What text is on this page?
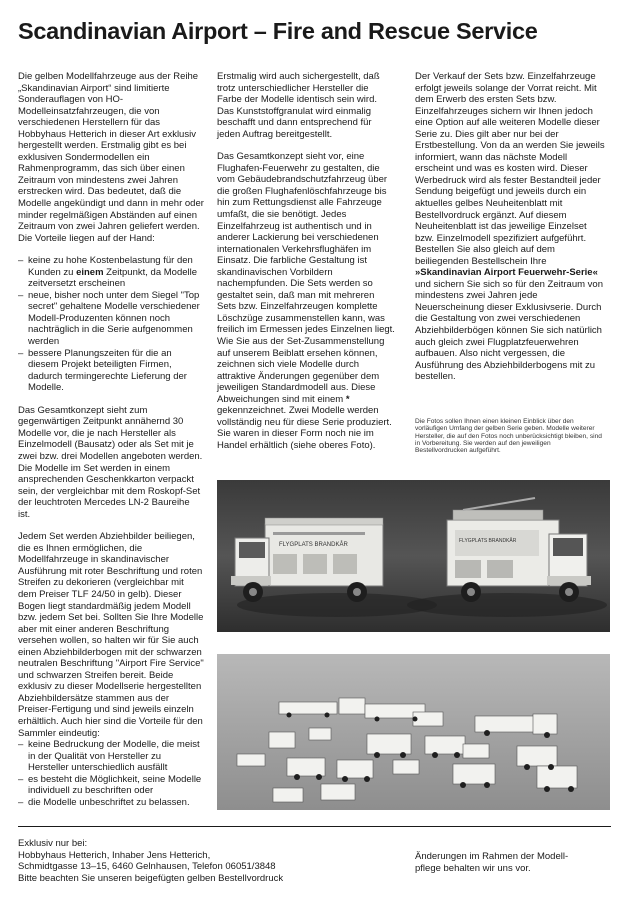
Scandinavian Airport – Fire and Rescue Service

Die gelben Modellfahrzeuge aus der Reihe „Skandinavian Airport“ sind limitierte Sonderauflagen von HO-Modelleinsatzfahrzeugen, die von verschiedenen Herstellern für das Hobbyhaus Hetterich in dieser Art exklusiv hergestellt werden. Erstmalig gibt es bei exklusiven Sondermodellen ein Rahmenprogramm, das sich über einen Zeitraum von mindestens zwei Jahren erstrecken wird. Das bedeutet, daß die Modelle angekündigt und dann in mehr oder minder regelmäßigen Abständen auf einen Zeitraum von zwei Jahren geliefert werden. Die Vorteile liegen auf der Hand:

– keine zu hohe Kostenbelastung für den Kunden zu einem Zeitpunkt, da Modelle zeitversetzt erscheinen
– neue, bisher noch unter dem Siegel "Top secret" gehaltene Modelle verschiedener Modell-Produzenten können noch nachträglich in die Serie aufgenommen werden
– bessere Planungszeiten für die an diesem Projekt beteiligten Firmen, dadurch termingerechte Lieferung der Modelle.

Das Gesamtkonzept sieht zum gegenwärtigen Zeitpunkt annähernd 30 Modelle vor, die je nach Hersteller als Einzelmodell (Bausatz) oder als Set mit je zwei bzw. drei Modellen angeboten werden. Die Modelle im Set werden in einem ansprechenden Geschenkkarton verpackt sein, der vergleichbar mit dem Roskopf-Set der leuchtroten Mercedes LN-2 Baureihe ist.

Jedem Set werden Abziehbilder beiliegen, die es Ihnen ermöglichen, die Modellfahrzeuge in skandinavischer Ausführung mit roter Beschriftung und roten Streifen zu dekorieren (vergleichbar mit dem Preiser TLF 24/50 in gelb). Dieser Bogen liegt standardmäßig jedem Modell bzw. jedem Set bei. Sollten Sie Ihre Modelle aber mit einer anderen Beschriftung versehen wollen, so halten wir für Sie auch einen Abziehbilderbogen mit der schwarzen neutralen Beschriftung "Airport Fire Service" und schwarzen Streifen bereit. Beide exklusiv zu dieser Modellserie hergestellten Abziehbildersätze stammen aus der Preiser-Fertigung und sind jeweils einzeln erhältlich. Auch hier sind die Vorteile für den Sammler eindeutig:

– keine Bedruckung der Modelle, die meist in der Qualität von Hersteller zu Hersteller unterschiedlich ausfällt
– es besteht die Möglichkeit, seine Modelle individuell zu beschriften oder
– die Modelle unbeschriftet zu belassen.

Erstmalig wird auch sichergestellt, daß trotz unterschiedlicher Hersteller die Farbe der Modelle identisch sein wird. Das Kunststoffgranulat wird einmalig beschafft und dann entsprechend für jeden Auftrag bereitgestellt.

Das Gesamtkonzept sieht vor, eine Flughafen-Feuerwehr zu gestalten, die vom Gebäudebrandschutzfahrzeug über die großen Flughafenlöschfahrzeuge bis hin zum Rettungsdienst alle Fahrzeuge umfaßt, die sie benötigt. Jedes Einzelfahrzeug ist authentisch und in anderer Lackierung bei verschiedenen internationalen Verkehrsflughäfen im Einsatz. Die farbliche Gestaltung ist skandinavischen Vorbildern nachempfunden. Die Sets werden so gestaltet sein, daß man mit mehreren Sets bzw. Einzelfahrzeugen komplette Löschzüge zusammenstellen kann, was freilich im Ermessen jedes Einzelnen liegt. Wie Sie aus der Set-Zusammenstellung auf unserem Beiblatt ersehen können, zeichnen sich viele Modelle durch attraktive Änderungen gegenüber dem jeweiligen Standardmodell aus. Diese Abweichungen sind mit einem * gekennzeichnet. Zwei Modelle werden vollständig neu für diese Serie produziert. Sie waren in dieser Form noch nie im Handel erhältlich (siehe oberes Foto).

Der Verkauf der Sets bzw. Einzelfahrzeuge erfolgt jeweils solange der Vorrat reicht. Mit dem Erwerb des ersten Sets bzw. Einzelfahrzeuges sichern wir Ihnen jedoch eine Option auf alle weiteren Modelle dieser Serie zu. Dies gilt aber nur bei der Erstbestellung. Von da an werden Sie jeweils informiert, wann das nächste Modell erscheint und was es kosten wird. Dieser Werbedruck wird als fester Bestandteil jeder Sendung beigefügt und jeweils durch ein aktuelles gelbes Neuheitenblatt mit Bestellvordruck ergänzt. Auf diesem Neuheitenblatt ist das jeweilige Einzelset bzw. Einzelmodell spezifiziert aufgeführt. Bestellen Sie also gleich auf dem beiliegenden Bestellschein Ihre »Skandinavian Airport Feuerwehr-Serie« und sichern Sie sich so für den Zeitraum von mindestens zwei Jahren jede Neuerscheinung dieser Exklusivserie. Durch die Gestaltung von zwei verschiedenen Abziehbilderbögen können Sie sich natürlich auch gleich zwei Flugplatzfeuerwehren aufbauen. Also nicht vergessen, die Ausführung des Abziehbilderbogens mit zu bestellen.

Die Fotos sollen Ihnen einen kleinen Einblick über den vorläufigen Umfang der gelben Serie geben. Modelle weiterer Hersteller, die auf den Fotos noch unberücksichtigt bleiben, sind in Vorbereitung. Sie werden auf den jeweiligen Bestellvordrucken aufgeführt.
FLYGPLATS BRANDKÅR
FLYGPLATS BRANDKÅR
Exklusiv nur bei:
Hobbyhaus Hetterich, Inhaber Jens Hetterich,
Schmidtgasse 13–15, 6460 Gelnhausen, Telefon 06051/3848
Bitte beachten Sie unseren beigefügten gelben Bestellvordruck
Änderungen im Rahmen der Modell-
pflege behalten wir uns vor.
